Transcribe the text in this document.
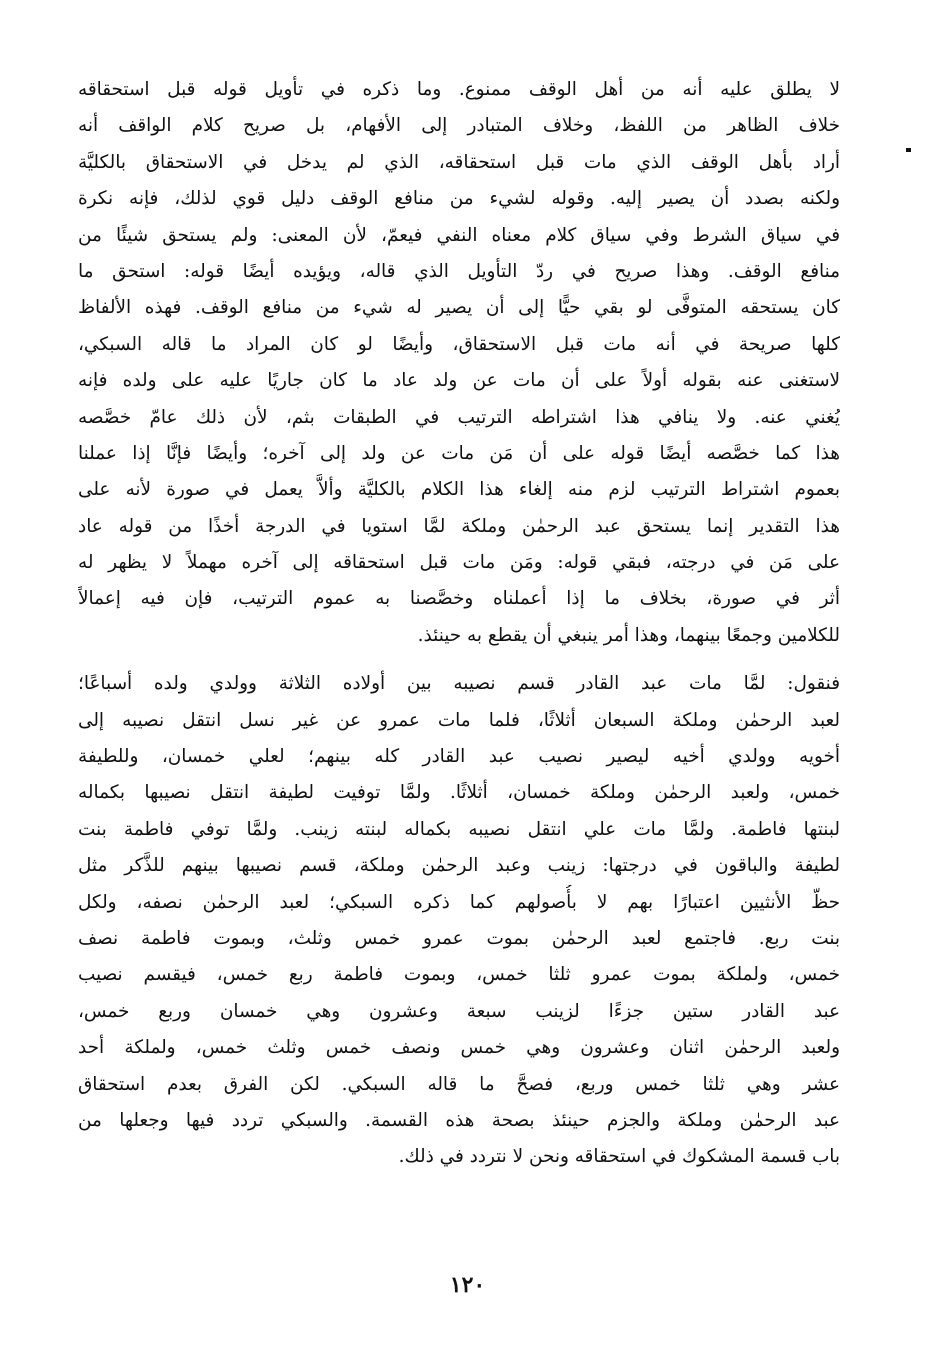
لا يطلق عليه أنه من أهل الوقف ممنوع. وما ذكره في تأويل قوله قبل استحقاقه
خلاف الظاهر من اللفظ، وخلاف المتبادر إلى الأفهام، بل صريح كلام الواقف أنه
أراد بأهل الوقف الذي مات قبل استحقاقه، الذي لم يدخل في الاستحقاق بالكليَّة
ولكنه بصدد أن يصير إليه. وقوله لشيء من منافع الوقف دليل قوي لذلك، فإنه نكرة
في سياق الشرط وفي سياق كلام معناه النفي فيعمّ، لأن المعنى: ولم يستحق شيئًا من
منافع الوقف. وهذا صريح في ردّ التأويل الذي قاله، ويؤيده أيضًا قوله: استحق ما
كان يستحقه المتوفَّى لو بقي حيًّا إلى أن يصير له شيء من منافع الوقف. فهذه الألفاظ
كلها صريحة في أنه مات قبل الاستحقاق، وأيضًا لو كان المراد ما قاله السبكي،
لاستغنى عنه بقوله أولاً على أن مات عن ولد عاد ما كان جاريًا عليه على ولده فإنه
يُغني عنه. ولا ينافي هذا اشتراطه الترتيب في الطبقات بثم، لأن ذلك عامّ خصَّصه
هذا كما خصَّصه أيضًا قوله على أن مَن مات عن ولد إلى آخره؛ وأيضًا فإنَّا إذا عملنا
بعموم اشتراط الترتيب لزم منه إلغاء هذا الكلام بالكليَّة وألاَّ يعمل في صورة لأنه على
هذا التقدير إنما يستحق عبد الرحمٰن وملكة لمَّا استويا في الدرجة أخذًا من قوله عاد
على مَن في درجته، فبقي قوله: ومَن مات قبل استحقاقه إلى آخره مهملاً لا يظهر له
أثر في صورة، بخلاف ما إذا أعملناه وخصَّصنا به عموم الترتيب، فإن فيه إعمالاً
للكلامين وجمعًا بينهما، وهذا أمر ينبغي أن يقطع به حينئذ.
فنقول: لمَّا مات عبد القادر قسم نصيبه بين أولاده الثلاثة وولدي ولده أسباعًا؛
لعبد الرحمٰن وملكة السبعان أثلاثًا، فلما مات عمرو عن غير نسل انتقل نصيبه إلى
أخويه وولدي أخيه ليصير نصيب عبد القادر كله بينهم؛ لعلي خمسان، وللطيفة
خمس، ولعبد الرحمٰن وملكة خمسان، أثلاثًا. ولمَّا توفيت لطيفة انتقل نصيبها بكماله
لبنتها فاطمة. ولمَّا مات علي انتقل نصيبه بكماله لبنته زينب. ولمَّا توفي فاطمة بنت
لطيفة والباقون في درجتها: زينب وعبد الرحمٰن وملكة، قسم نصيبها بينهم للذَّكر مثل
حظّ الأنثيين اعتبارًا بهم لا بأُصولهم كما ذكره السبكي؛ لعبد الرحمٰن نصفه، ولكل
بنت ربع. فاجتمع لعبد الرحمٰن بموت عمرو خمس وثلث، وبموت فاطمة نصف
خمس، ولملكة بموت عمرو ثلثا خمس، وبموت فاطمة ربع خمس، فيقسم نصيب
عبد القادر ستين جزءًا لزينب سبعة وعشرون وهي خمسان وربع خمس،
ولعبد الرحمٰن اثنان وعشرون وهي خمس ونصف خمس وثلث خمس، ولملكة أحد
عشر وهي ثلثا خمس وربع، فصحَّ ما قاله السبكي. لكن الفرق بعدم استحقاق
عبد الرحمٰن وملكة والجزم حينئذ بصحة هذه القسمة. والسبكي تردد فيها وجعلها من
باب قسمة المشكوك في استحقاقه ونحن لا نتردد في ذلك.
١٢٠
